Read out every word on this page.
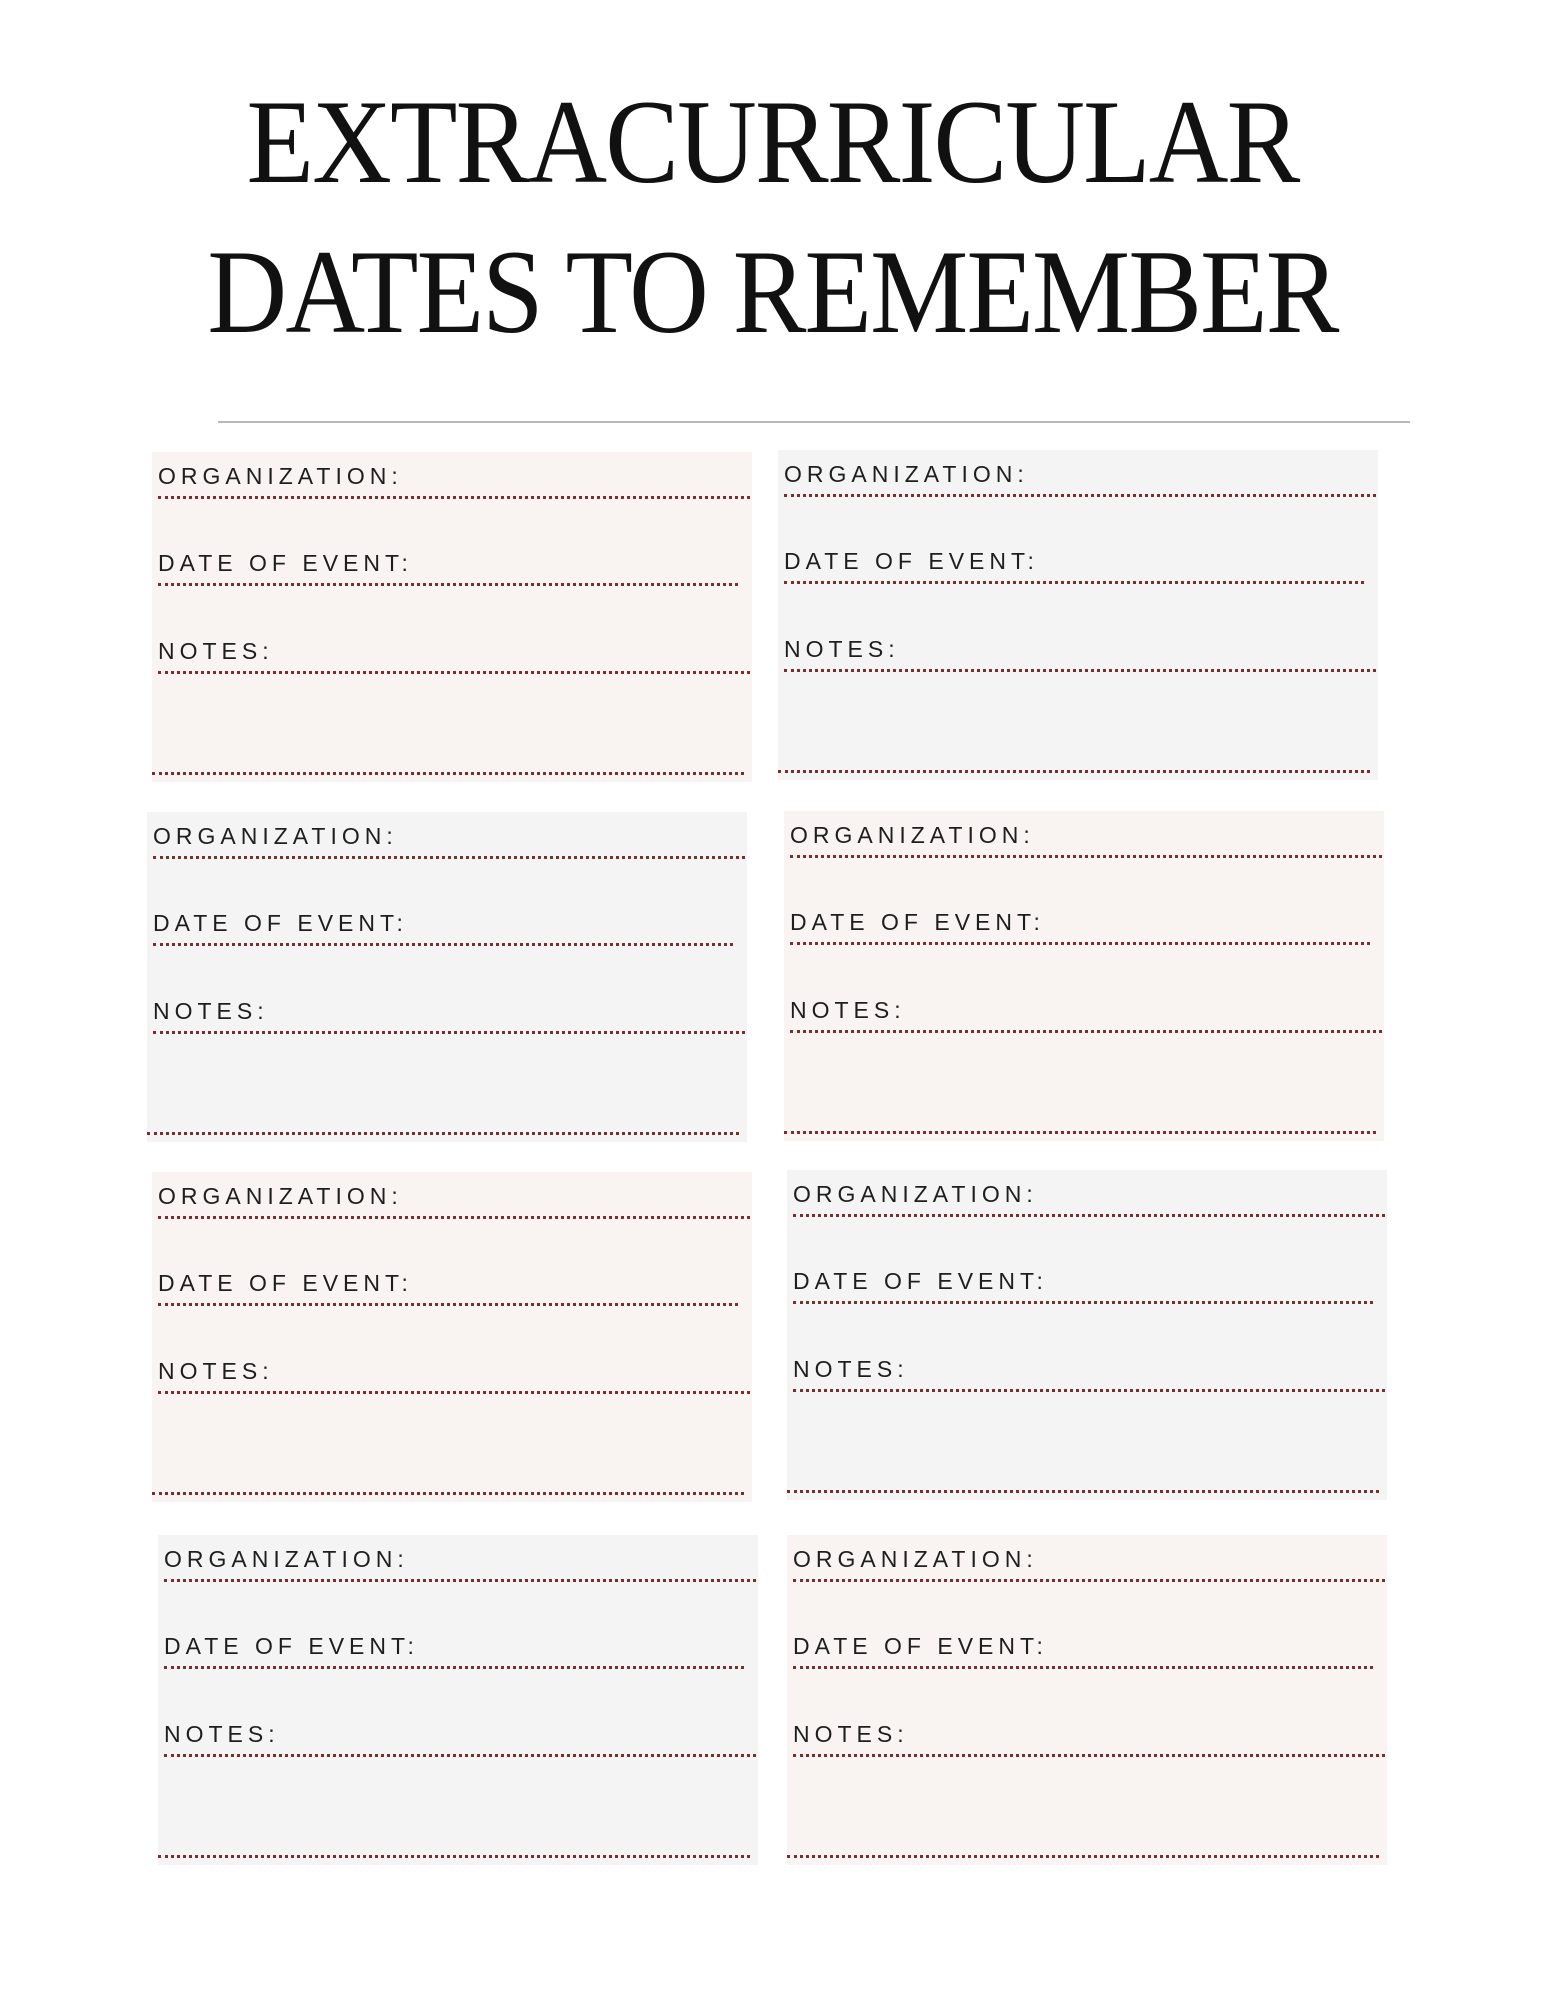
EXTRACURRICULAR
DATES TO REMEMBER
ORGANIZATION:
DATE OF EVENT:
NOTES:
ORGANIZATION:
DATE OF EVENT:
NOTES:
ORGANIZATION:
DATE OF EVENT:
NOTES:
ORGANIZATION:
DATE OF EVENT:
NOTES:
ORGANIZATION:
DATE OF EVENT:
NOTES:
ORGANIZATION:
DATE OF EVENT:
NOTES:
ORGANIZATION:
DATE OF EVENT:
NOTES:
ORGANIZATION:
DATE OF EVENT:
NOTES:
